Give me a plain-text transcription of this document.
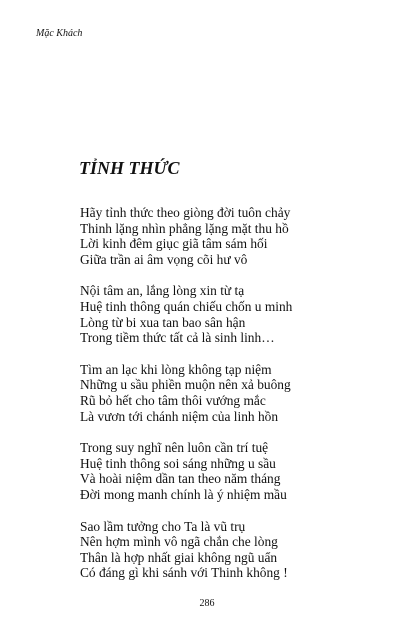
Mặc Khách
TỈNH THỨC
Hãy tỉnh thức theo giòng đời tuôn chảy
Thinh lặng nhìn phẳng lặng mặt thu hồ
Lời kinh đêm giục giã tâm sám hối
Giữa trần ai âm vọng cõi hư vô
Nội tâm an, lắng lòng xin từ tạ
Huệ tinh thông quán chiếu chốn u minh
Lòng từ bi xua tan bao sân hận
Trong tiềm thức tất cả là sinh linh…
Tìm an lạc khi lòng không tạp niệm
Những u sầu phiền muộn nên xả buông
Rũ bỏ hết cho tâm thôi vướng mắc
Là vươn tới chánh niệm của linh hồn
Trong suy nghĩ nên luôn cần trí tuệ
Huệ tinh thông soi sáng những u sầu
Và hoài niệm dần tan theo năm tháng
Đời mong manh chính là ý nhiệm mầu
Sao lầm tưởng cho Ta là vũ trụ
Nên hợm mình vô ngã chắn che lòng
Thân là hợp nhất giai không ngũ uẩn
Có đáng gì khi sánh với Thinh không !
286
